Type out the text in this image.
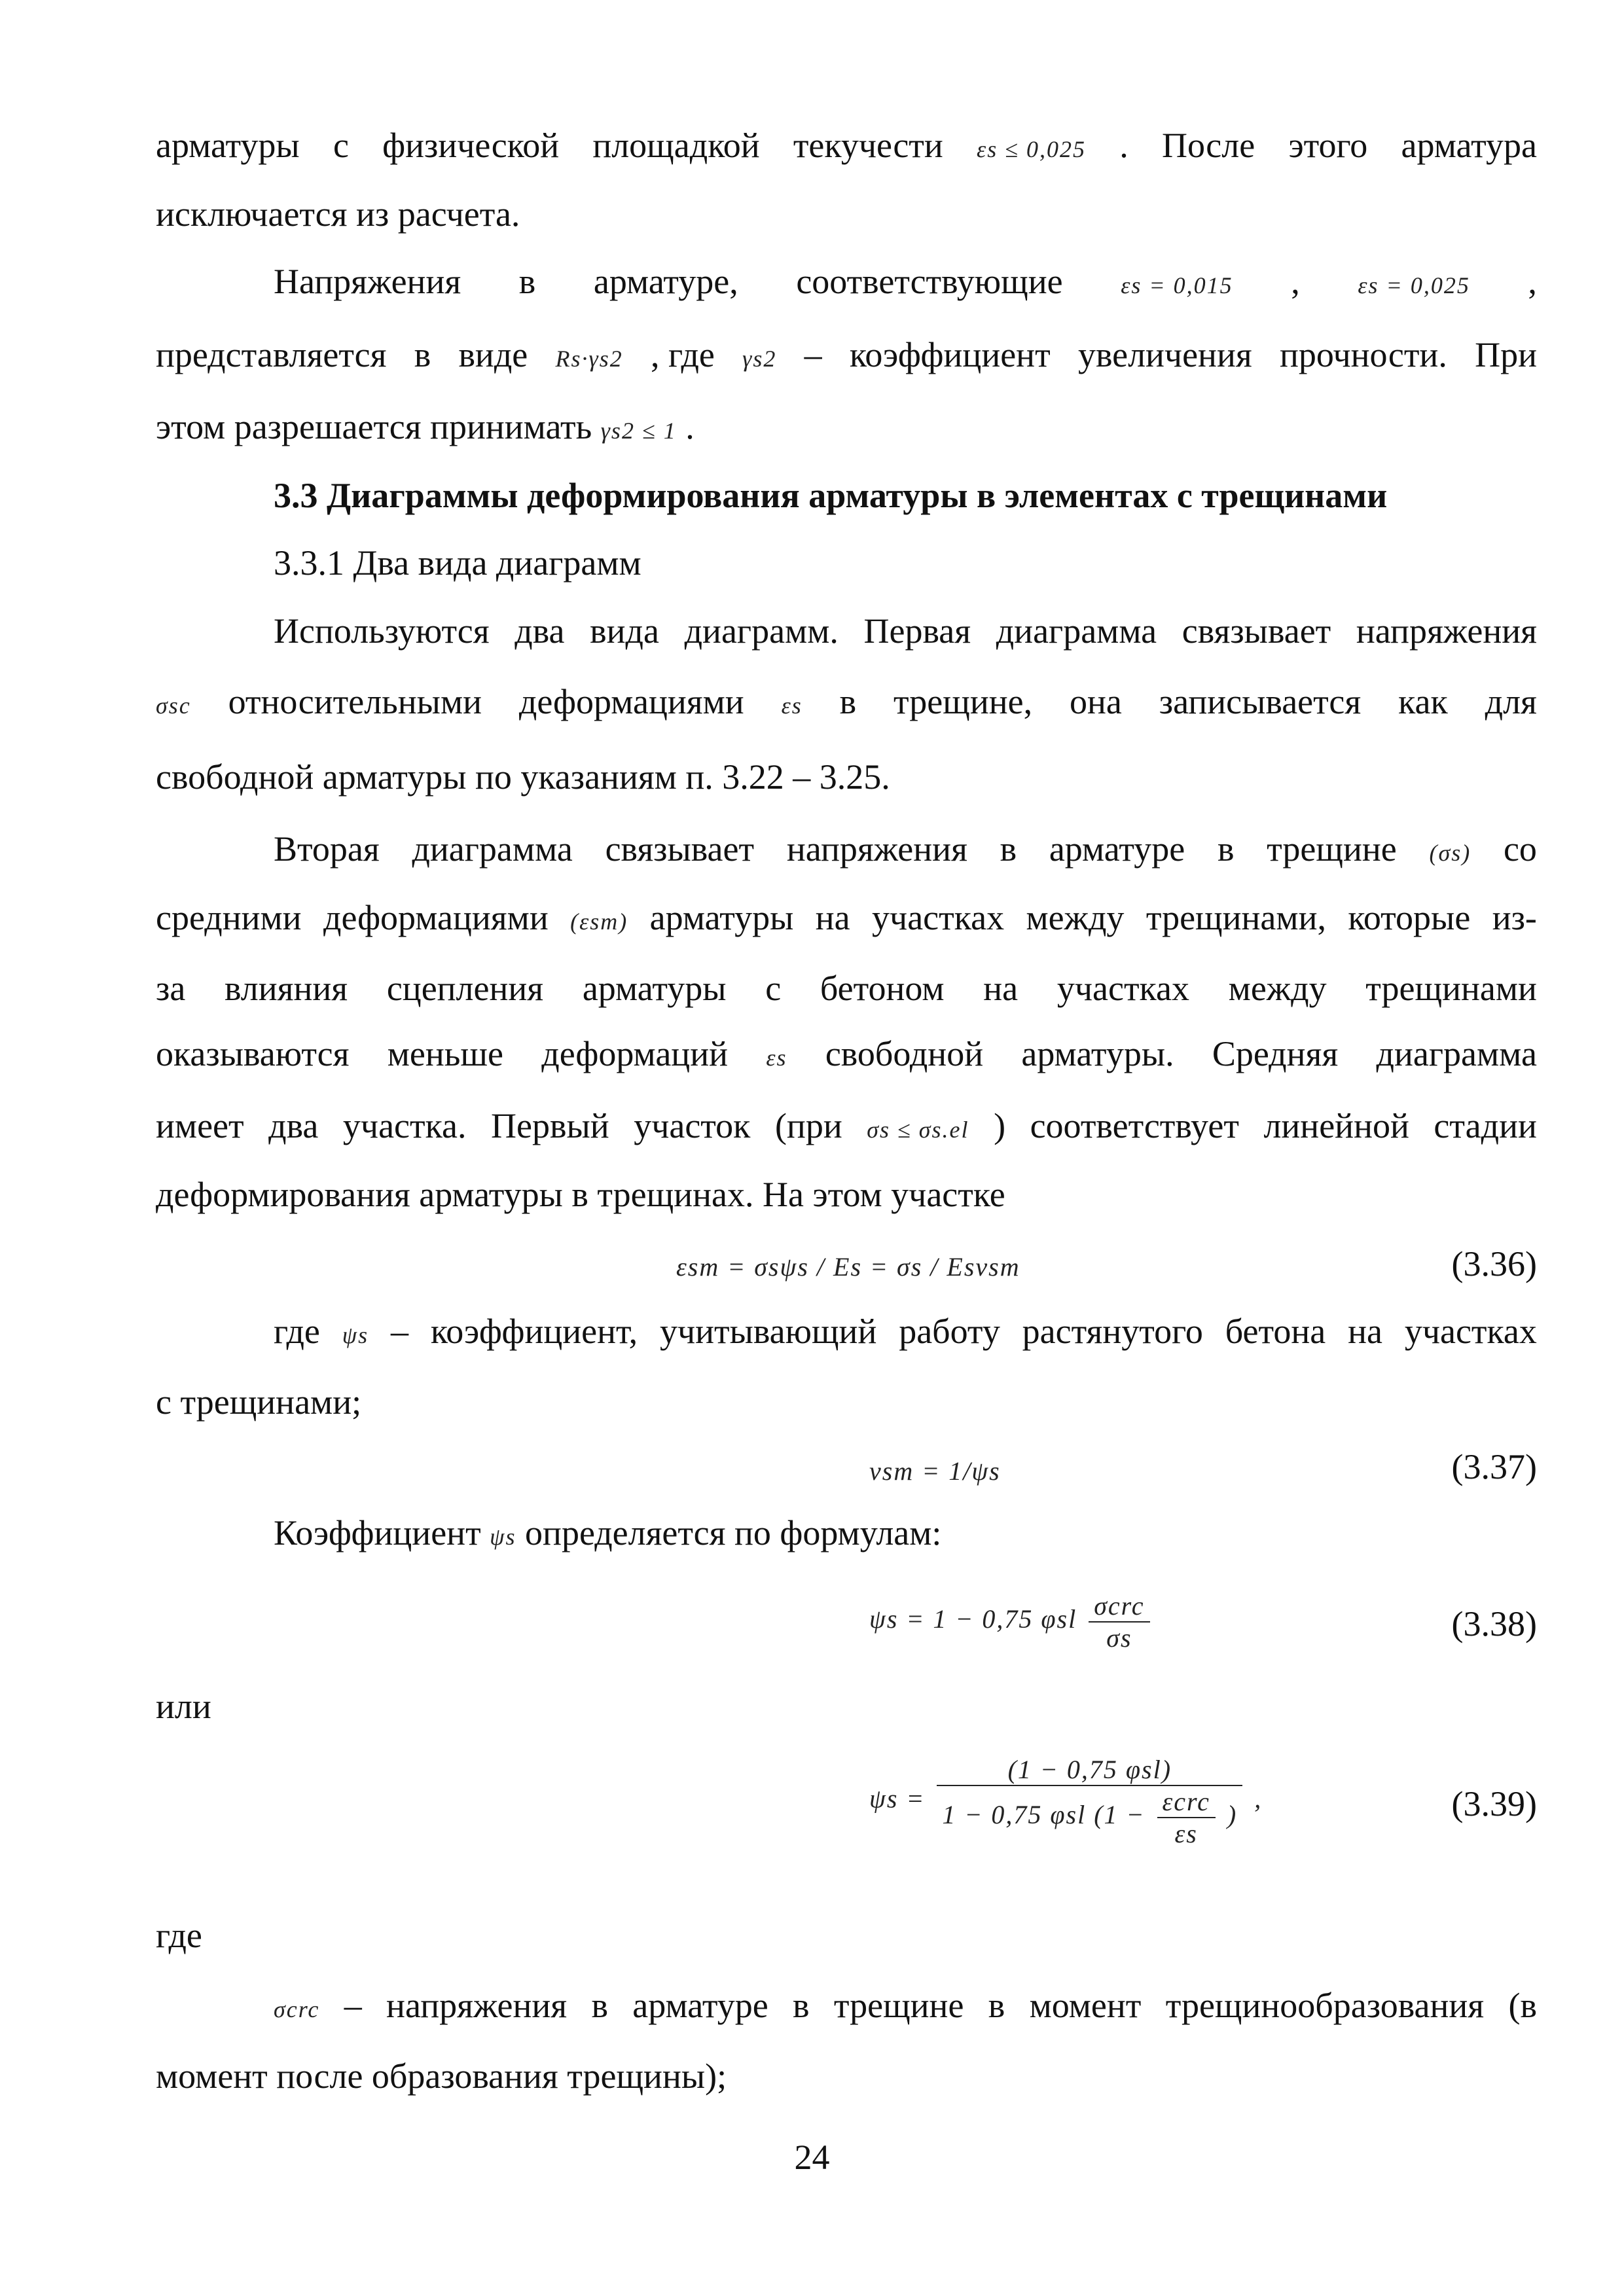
арматуры с физической площадкой текучести εs ≤ 0,025 . После этого арматура
исключается из расчета.
Напряжения в арматуре, соответствующие εs = 0,015 , εs = 0,025 ,
представляется в виде Rs·γs2 , где γs2 – коэффициент увеличения прочности. При
этом разрешается принимать γs2 ≤ 1 .
3.3 Диаграммы деформирования арматуры в элементах с трещинами
3.3.1 Два вида диаграмм
Используются два вида диаграмм. Первая диаграмма связывает напряжения
σsc относительными деформациями εs в трещине, она записывается как для
свободной арматуры по указаниям п. 3.22 – 3.25.
Вторая диаграмма связывает напряжения в арматуре в трещине (σs) со
средними деформациями (εsm) арматуры на участках между трещинами, которые из-
за влияния сцепления арматуры с бетоном на участках между трещинами
оказываются меньше деформаций εs свободной арматуры. Средняя диаграмма
имеет два участка. Первый участок (при σs ≤ σs.el ) соответствует линейной стадии
деформирования арматуры в трещинах. На этом участке
εsm = σsψs / Es = σs / Esνsm	(3.36)
где ψs – коэффициент, учитывающий работу растянутого бетона на участках
с трещинами;
νsm = 1/ψs	(3.37)
Коэффициент ψs определяется по формулам:
ψs = 1 − 0,75 φsl $\frac{\text{σcrc}}{\sigma s}$	(3.38)
или
ψs =
(1 − 0,75 φsl)
1 − 0,75 φsl ($1 - \frac{\text{εcrc}}{\varepsilon s}$ )
,	(3.39)
где
σcrc – напряжения в арматуре в трещине в момент трещинообразования (в
момент после образования трещины);
24
